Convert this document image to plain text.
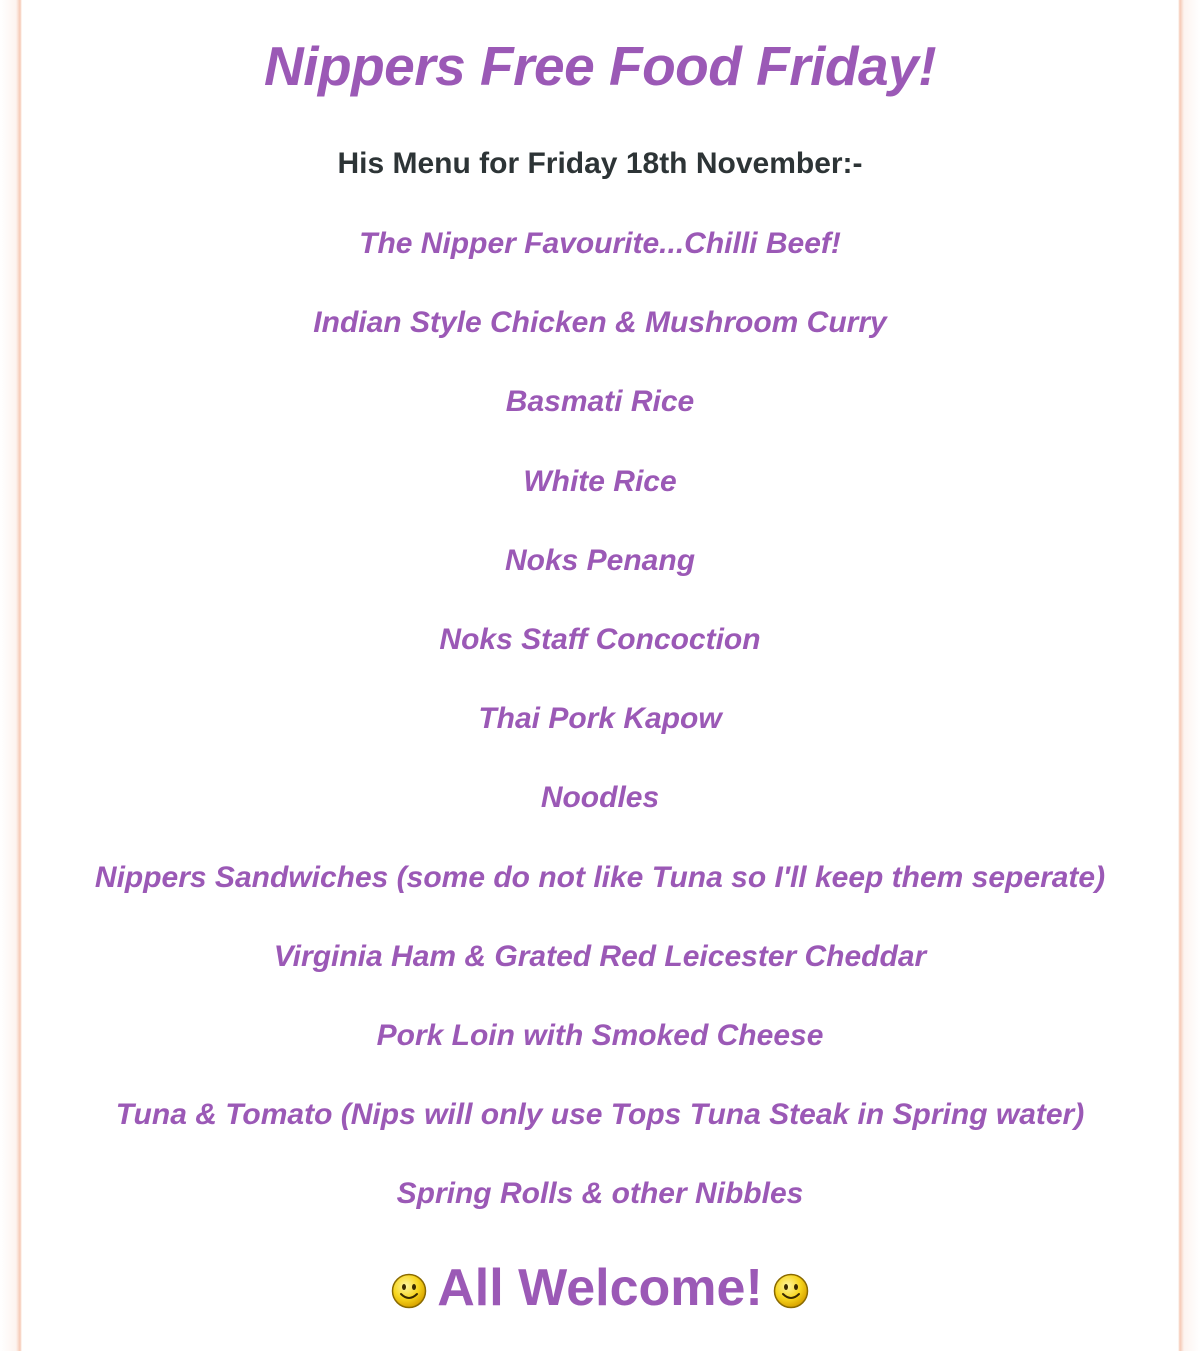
Nippers Free Food Friday!
His Menu for Friday 18th November:-
The Nipper Favourite...Chilli Beef!
Indian Style Chicken & Mushroom Curry
Basmati Rice
White Rice
Noks Penang
Noks Staff Concoction
Thai Pork Kapow
Noodles
Nippers Sandwiches (some do not like Tuna so I'll keep them seperate)
Virginia Ham & Grated Red Leicester Cheddar
Pork Loin with Smoked Cheese
Tuna & Tomato (Nips will only use Tops Tuna Steak in Spring water)
Spring Rolls & other Nibbles
All Welcome!
